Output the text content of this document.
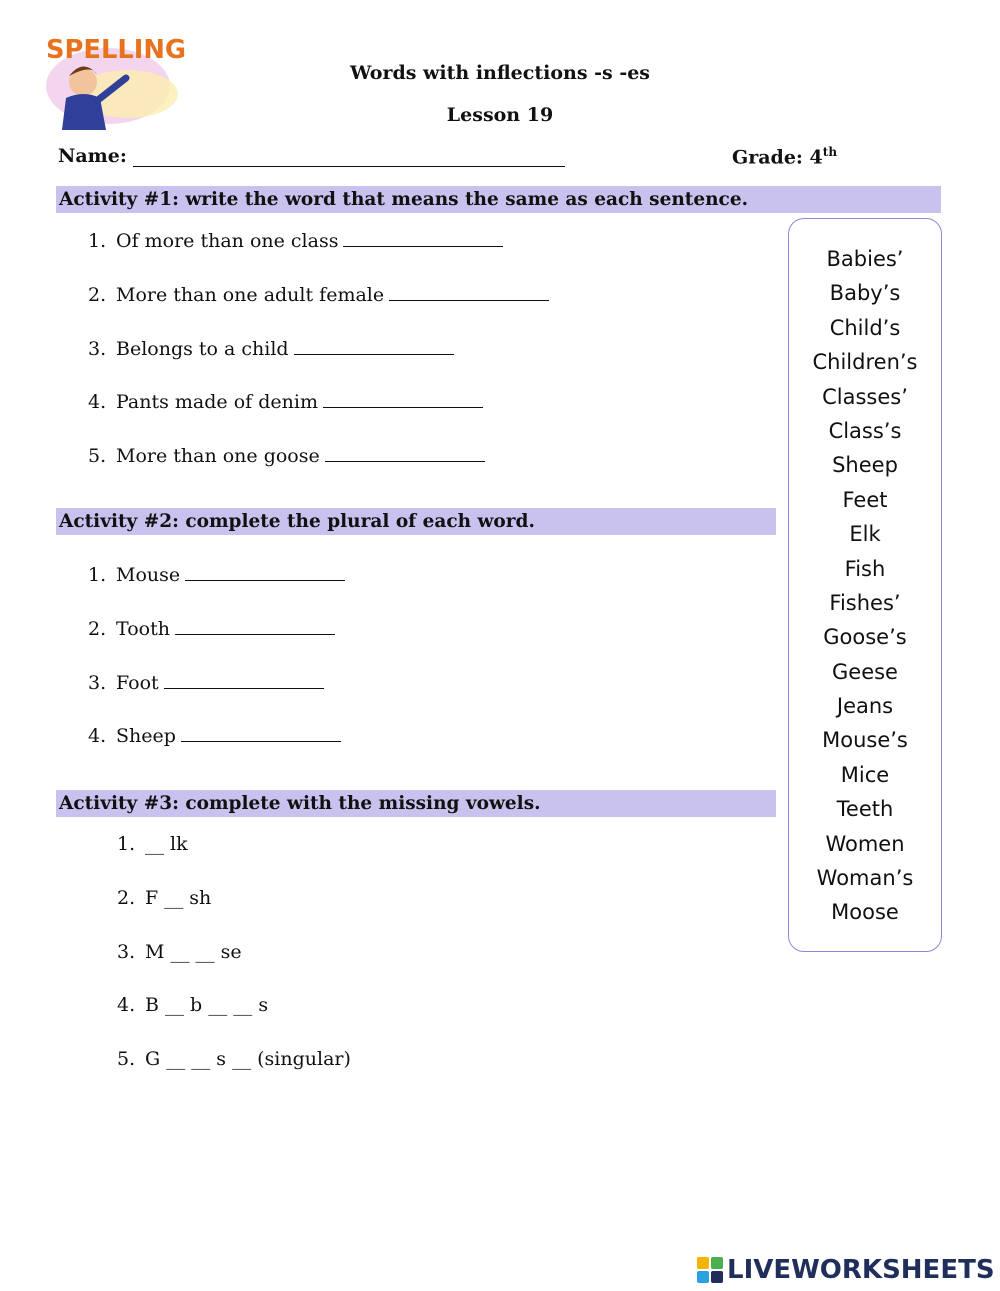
SPELLING
Words with inflections -s -es
Lesson 19
Name:	Grade: 4th
Activity #1: write the word that means the same as each sentence.
1. Of more than one class
2. More than one adult female
3. Belongs to a child
4. Pants made of denim
5. More than one goose
Activity #2: complete the plural of each word.
1. Mouse
2. Tooth
3. Foot
4. Sheep
Activity #3: complete with the missing vowels.
1. __ lk
2. F __ sh
3. M __ __ se
4. B __ b __ __ s
5. G __ __ s __ (singular)
Babies’
Baby’s
Child’s
Children’s
Classes’
Class’s
Sheep
Feet
Elk
Fish
Fishes’
Goose’s
Geese
Jeans
Mouse’s
Mice
Teeth
Women
Woman’s
Moose
LIVEWORKSHEETS
